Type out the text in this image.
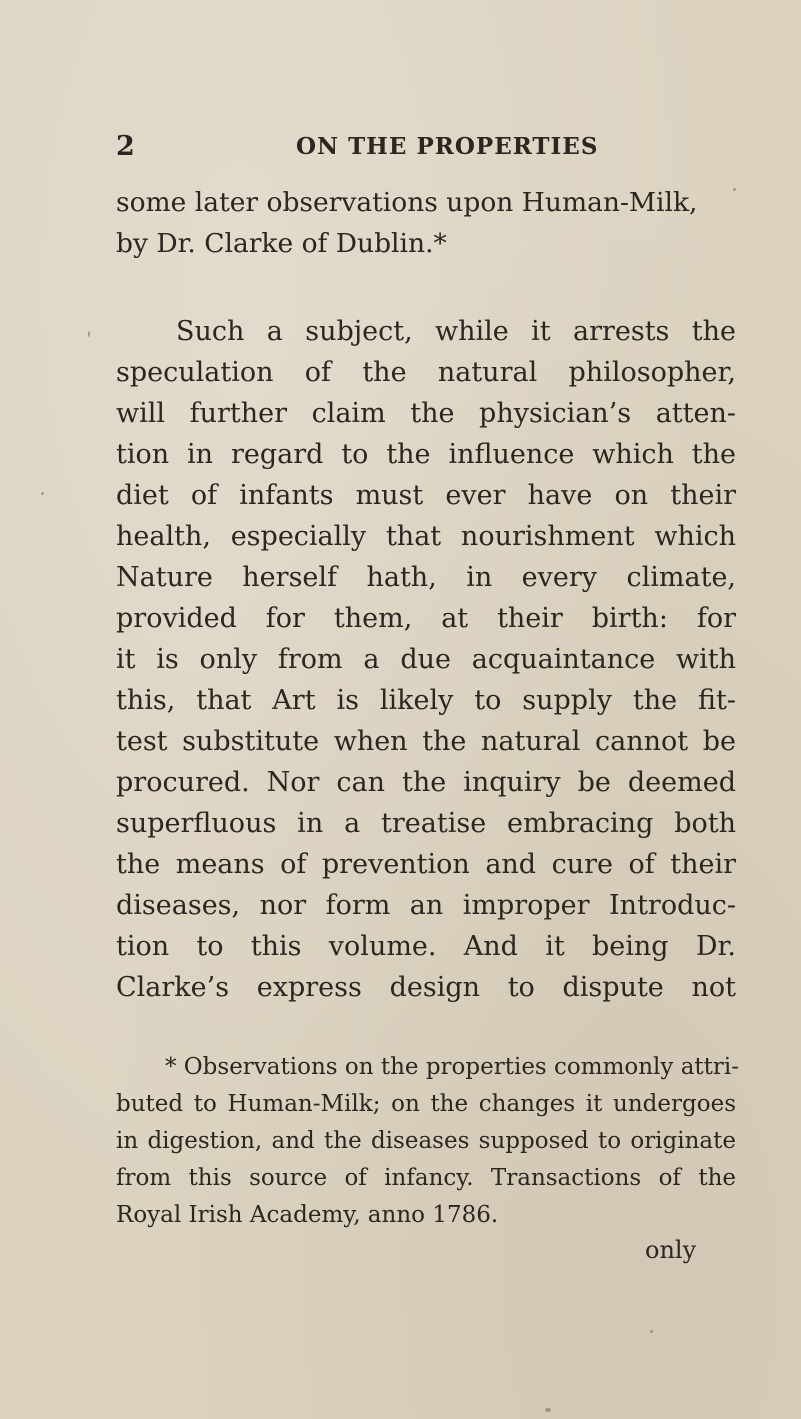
2	ON THE PROPERTIES
some later observations upon Human-Milk,
by Dr. Clarke of Dublin.*
Such a subject, while it arrests the
speculation of the natural philosopher,
will further claim the physician’s atten-
tion in regard to the influence which the
diet of infants must ever have on their
health, especially that nourishment which
Nature herself hath, in every climate,
provided for them, at their birth: for
it is only from a due acquaintance with
this, that Art is likely to supply the fit-
test substitute when the natural cannot be
procured. Nor can the inquiry be deemed
superfluous in a treatise embracing both
the means of prevention and cure of their
diseases, nor form an improper Introduc-
tion to this volume. And it being Dr.
Clarke’s express design to dispute not
* Observations on the properties commonly attri-
buted to Human-Milk; on the changes it undergoes
in digestion, and the diseases supposed to originate
from this source of infancy. Transactions of the
Royal Irish Academy, anno 1786.
only
